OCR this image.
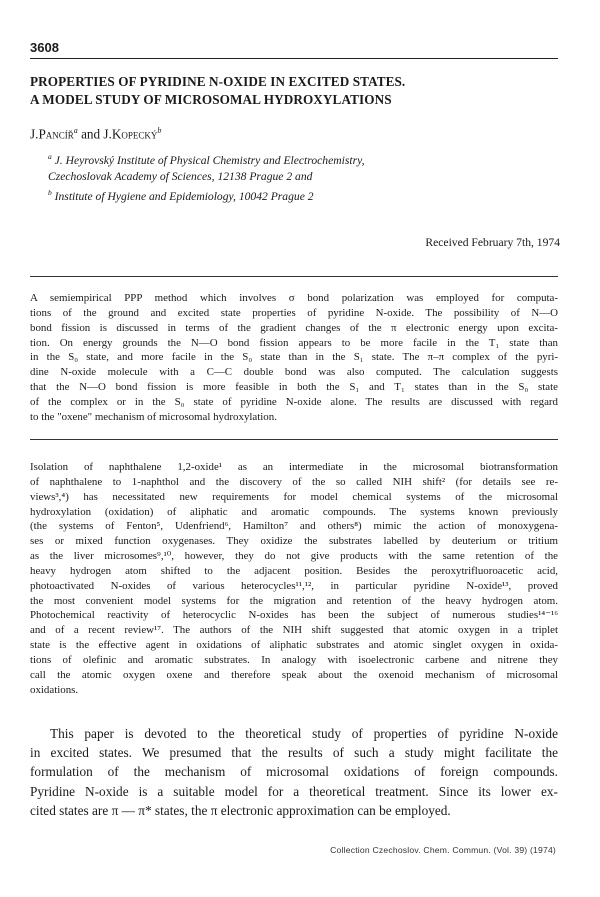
3608
PROPERTIES OF PYRIDINE N-OXIDE IN EXCITED STATES.
A MODEL STUDY OF MICROSOMAL HYDROXYLATIONS
J.Pancíř$^a$ and J.Kopecký$^b$
$^a$ J. Heyrovský Institute of Physical Chemistry and Electrochemistry,
Czechoslovak Academy of Sciences, 12138 Prague 2 and
$^b$ Institute of Hygiene and Epidemiology, 10042 Prague 2
Received February 7th, 1974
A semiempirical PPP method which involves σ bond polarization was employed for computa-
tions of the ground and excited state properties of pyridine N-oxide. The possibility of N—O
bond fission is discussed in terms of the gradient changes of the π electronic energy upon excita-
tion. On energy grounds the N—O bond fission appears to be more facile in the T₁ state than
in the S₀ state, and more facile in the S₀ state than in the S₁ state. The π–π complex of the pyri-
dine N-oxide molecule with a C—C double bond was also computed. The calculation suggests
that the N—O bond fission is more feasible in both the S₁ and T₁ states than in the S₀ state
of the complex or in the S₀ state of pyridine N-oxide alone. The results are discussed with regard
to the "oxene" mechanism of microsomal hydroxylation.
Isolation of naphthalene 1,2-oxide¹ as an intermediate in the microsomal biotransformation
of naphthalene to 1-naphthol and the discovery of the so called NIH shift² (for details see re-
views³,⁴) has necessitated new requirements for model chemical systems of the microsomal
hydroxylation (oxidation) of aliphatic and aromatic compounds. The systems known previously
(the systems of Fenton⁵, Udenfriend⁶, Hamilton⁷ and others⁸) mimic the action of monoxygena-
ses or mixed function oxygenases. They oxidize the substrates labelled by deuterium or tritium
as the liver microsomes⁹,¹⁰, however, they do not give products with the same retention of the
heavy hydrogen atom shifted to the adjacent position. Besides the peroxytrifluoroacetic acid,
photoactivated N-oxides of various heterocycles¹¹,¹², in particular pyridine N-oxide¹³, proved
the most convenient model systems for the migration and retention of the heavy hydrogen atom.
Photochemical reactivity of heterocyclic N-oxides has been the subject of numerous studies¹⁴⁻¹⁶
and of a recent review¹⁷. The authors of the NIH shift suggested that atomic oxygen in a triplet
state is the effective agent in oxidations of aliphatic substrates and atomic singlet oxygen in oxida-
tions of olefinic and aromatic substrates. In analogy with isoelectronic carbene and nitrene they
call the atomic oxygen oxene and therefore speak about the oxenoid mechanism of microsomal
oxidations.
This paper is devoted to the theoretical study of properties of pyridine N-oxide
in excited states. We presumed that the results of such a study might facilitate the
formulation of the mechanism of microsomal oxidations of foreign compounds.
Pyridine N-oxide is a suitable model for a theoretical treatment. Since its lower ex-
cited states are π — π* states, the π electronic approximation can be employed.
Collection Czechoslov. Chem. Commun. (Vol. 39) (1974)
